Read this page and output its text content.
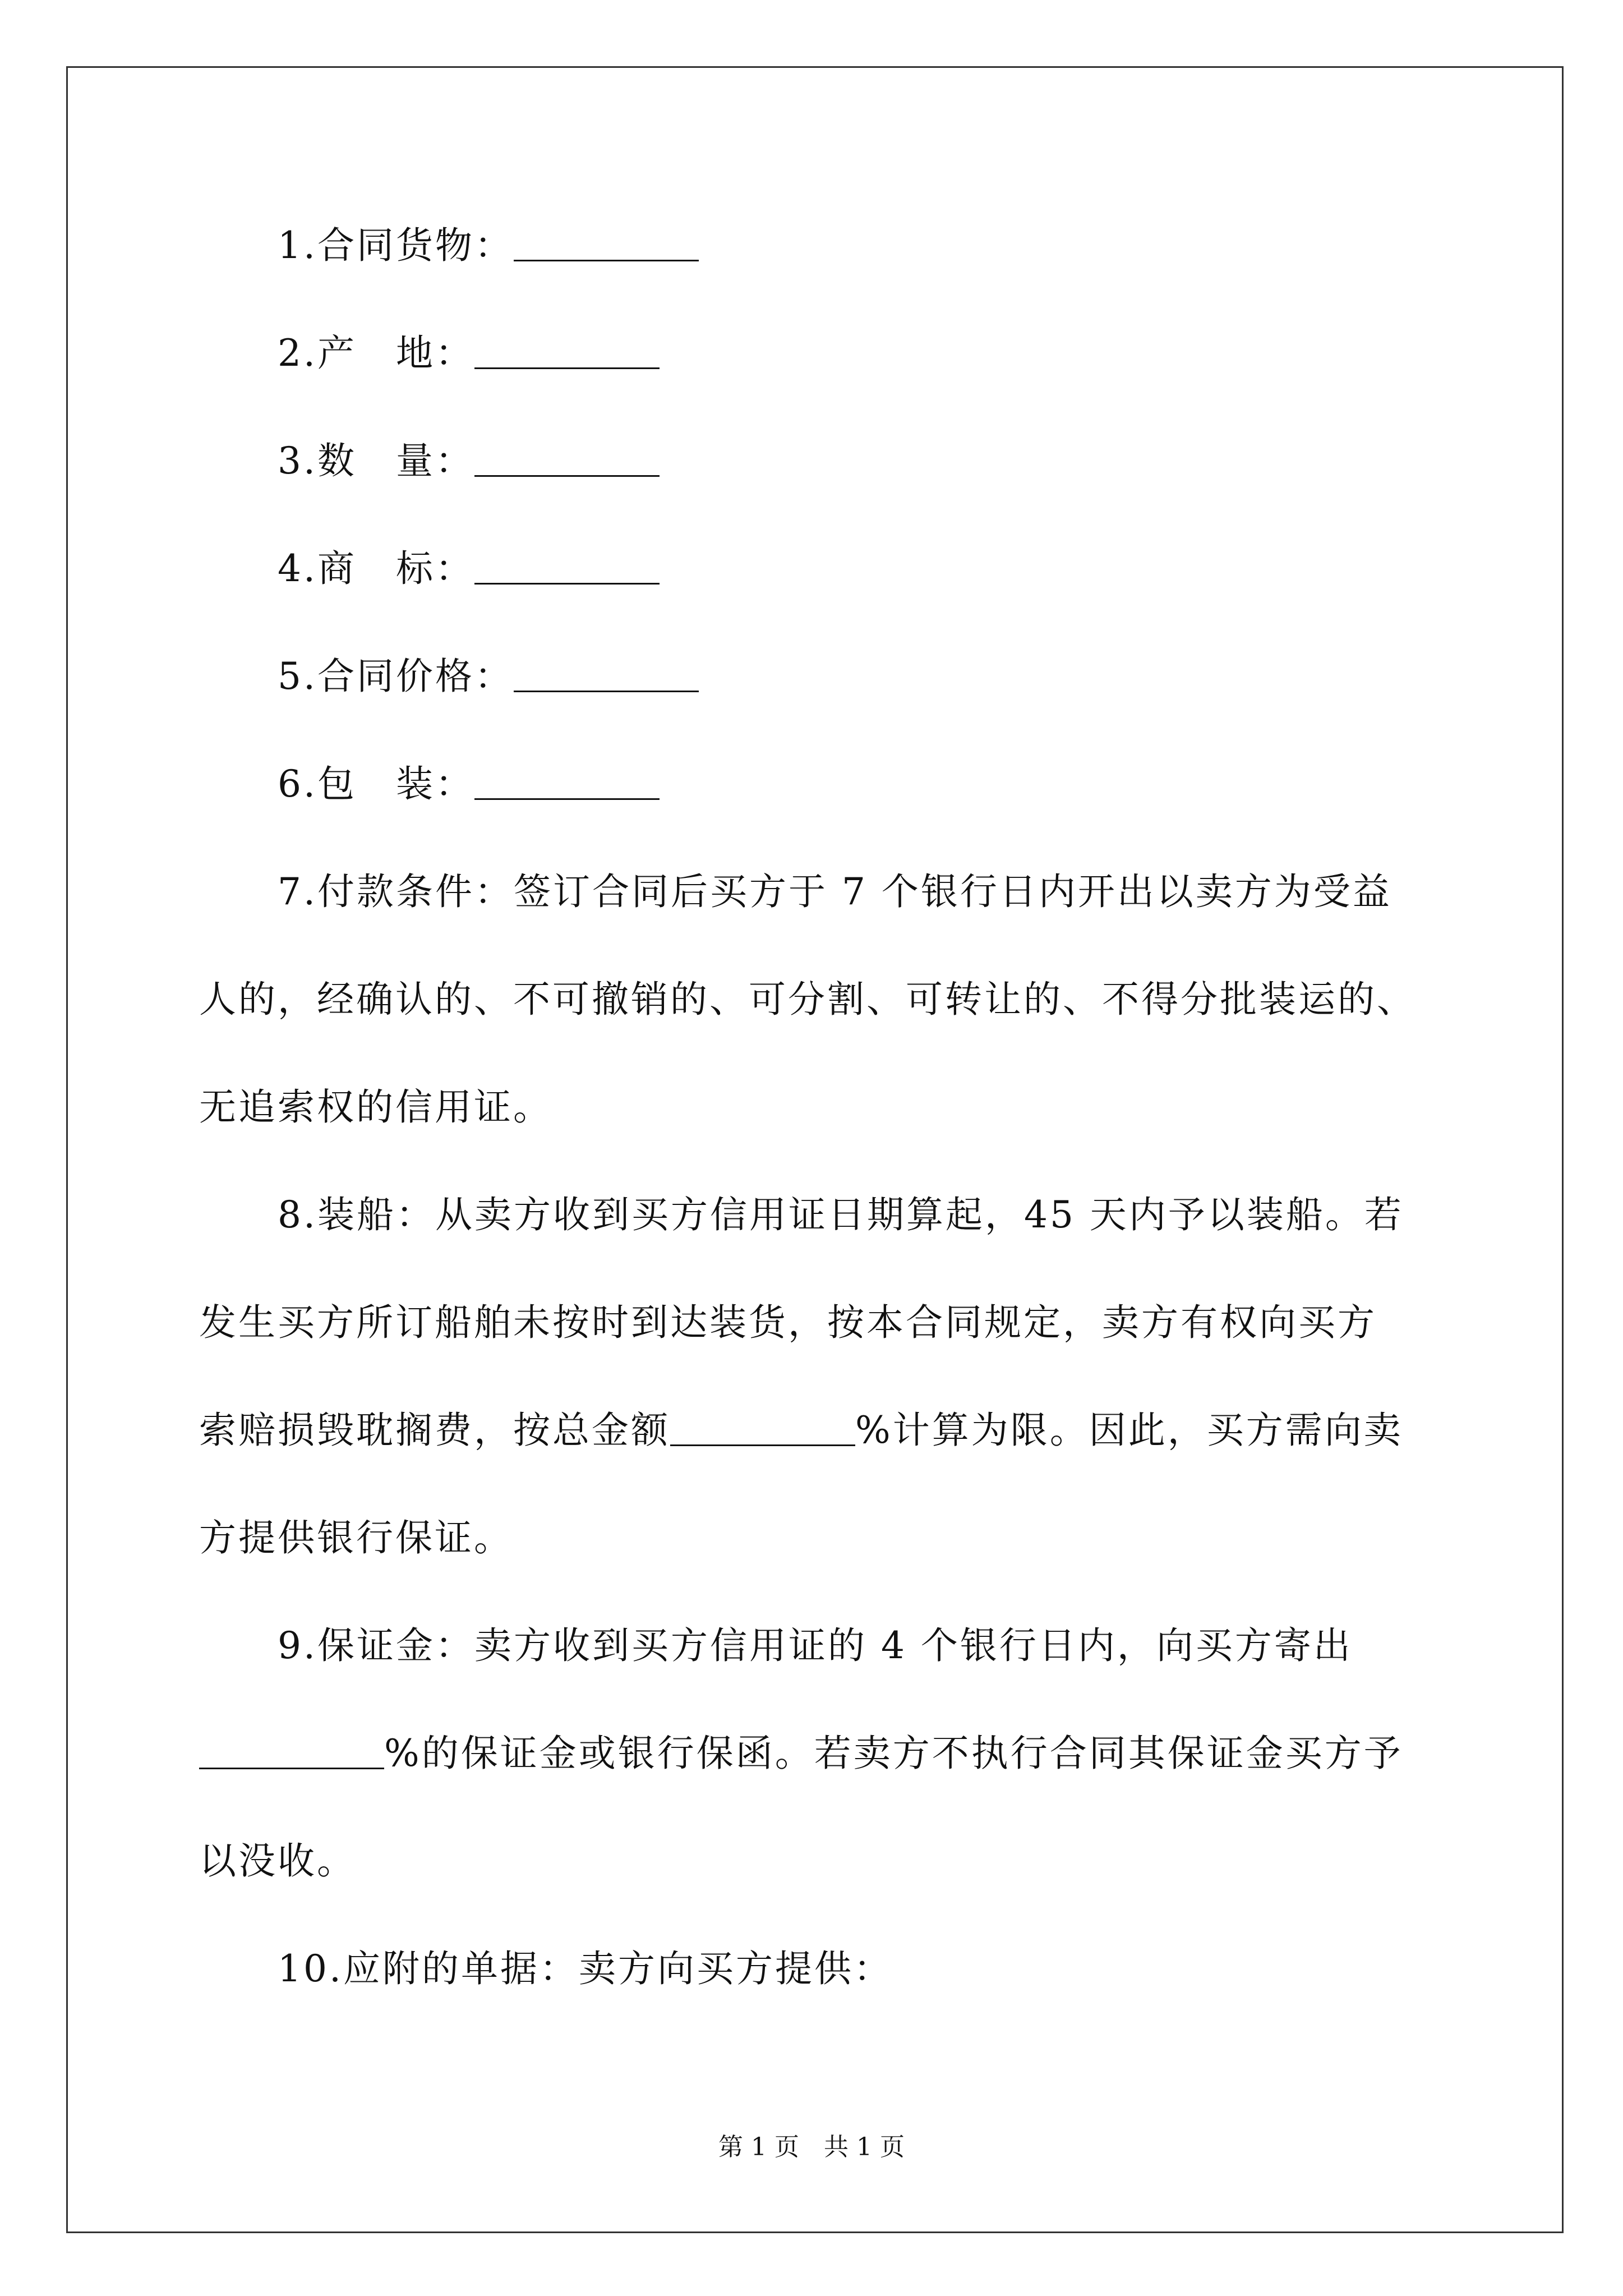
1.合同货物：
2.产　地：
3.数　量：
4.商　标：
5.合同价格：
6.包　装：
7.付款条件：签订合同后买方于 7 个银行日内开出以卖方为受益
人的，经确认的、不可撤销的、可分割、可转让的、不得分批装运的、
无追索权的信用证。
8.装船：从卖方收到买方信用证日期算起，45 天内予以装船。若
发生买方所订船舶未按时到达装货，按本合同规定，卖方有权向买方
索赔损毁耽搁费，按总金额	%计算为限。因此，买方需向卖
方提供银行保证。
9.保证金：卖方收到买方信用证的 4 个银行日内，向买方寄出
%的保证金或银行保函。若卖方不执行合同其保证金买方予
以没收。
10.应附的单据：卖方向买方提供：
第 1 页　共 1 页
